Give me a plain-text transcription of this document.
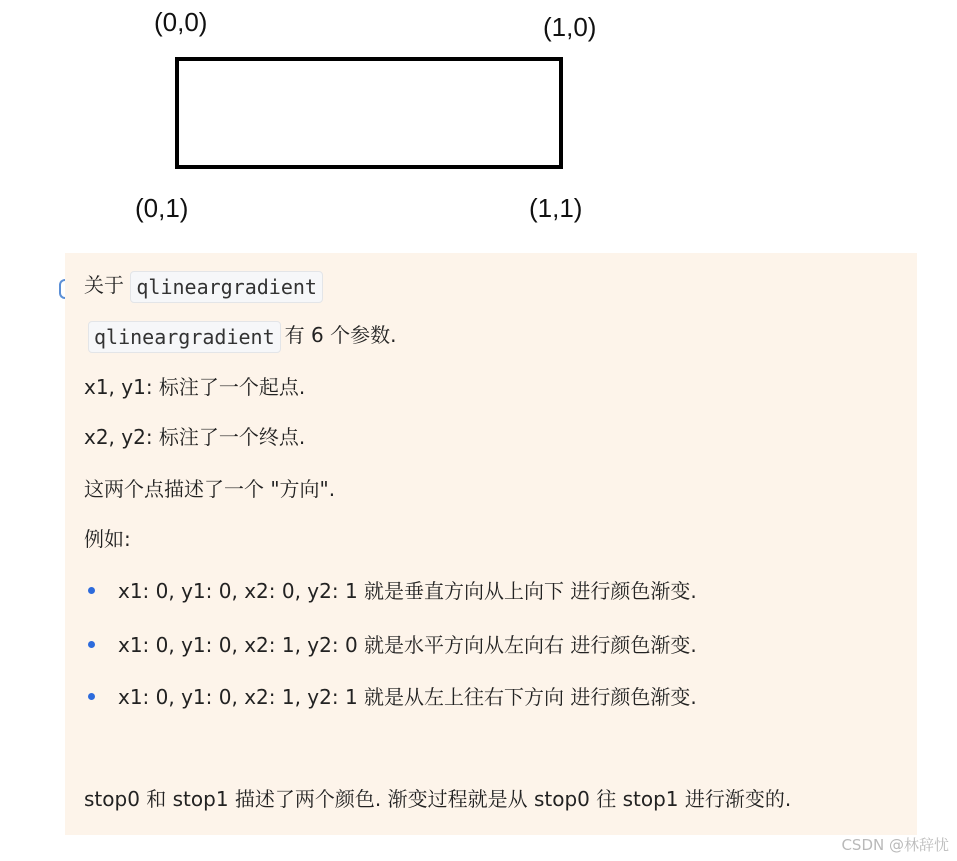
(0,0)	(1,0)
(0,1)	(1,1)
关于 qlineargradient
qlineargradient 有 6 个参数.
x1, y1: 标注了一个起点.
x2, y2: 标注了一个终点.
这两个点描述了一个 "方向".
例如:
x1: 0, y1: 0, x2: 0, y2: 1 就是垂直方向从上向下 进行颜色渐变.
x1: 0, y1: 0, x2: 1, y2: 0 就是水平方向从左向右 进行颜色渐变.
x1: 0, y1: 0, x2: 1, y2: 1 就是从左上往右下方向 进行颜色渐变.
stop0 和 stop1 描述了两个颜色. 渐变过程就是从 stop0 往 stop1 进行渐变的.
CSDN @林辞忧
